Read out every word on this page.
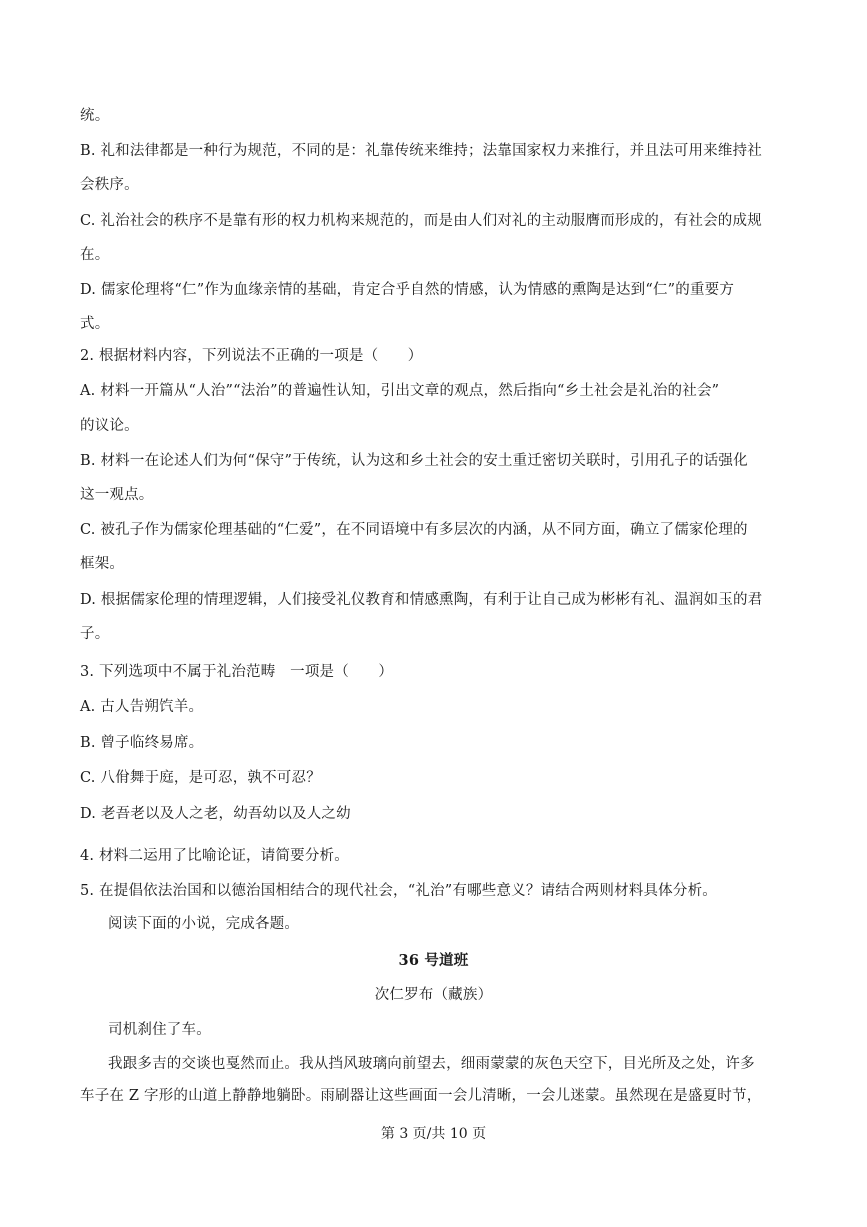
统。
B. 礼和法律都是一种行为规范，不同的是：礼靠传统来维持；法靠国家权力来推行，并且法可用来维持社
会秩序。
C. 礼治社会的秩序不是靠有形的权力机构来规范的，而是由人们对礼的主动服膺而形成的，有社会的成规
在。
D. 儒家伦理将“仁”作为血缘亲情的基础，肯定合乎自然的情感，认为情感的熏陶是达到“仁”的重要方
式。
2. 根据材料内容，下列说法不正确的一项是（　　）
A. 材料一开篇从“人治”“法治”的普遍性认知，引出文章的观点，然后指向“乡土社会是礼治的社会”
的议论。
B. 材料一在论述人们为何“保守”于传统，认为这和乡土社会的安土重迁密切关联时，引用孔子的话强化
这一观点。
C. 被孔子作为儒家伦理基础的“仁爱”，在不同语境中有多层次的内涵，从不同方面，确立了儒家伦理的
框架。
D. 根据儒家伦理的情理逻辑，人们接受礼仪教育和情感熏陶，有利于让自己成为彬彬有礼、温润如玉的君
子。
3. 下列选项中不属于礼治范畴　一项是（　　）
A. 古人告朔饩羊。
B. 曾子临终易席。
C. 八佾舞于庭，是可忍，孰不可忍？
D. 老吾老以及人之老，幼吾幼以及人之幼
4. 材料二运用了比喻论证，请简要分析。
5. 在提倡依法治国和以德治国相结合的现代社会，“礼治”有哪些意义？请结合两则材料具体分析。
阅读下面的小说，完成各题。
36 号道班
次仁罗布（藏族）
司机刹住了车。
我跟多吉的交谈也戛然而止。我从挡风玻璃向前望去，细雨蒙蒙的灰色天空下，目光所及之处，许多
车子在 Z 字形的山道上静静地躺卧。雨刷器让这些画面一会儿清晰，一会儿迷蒙。虽然现在是盛夏时节，
第 3 页/共 10 页
